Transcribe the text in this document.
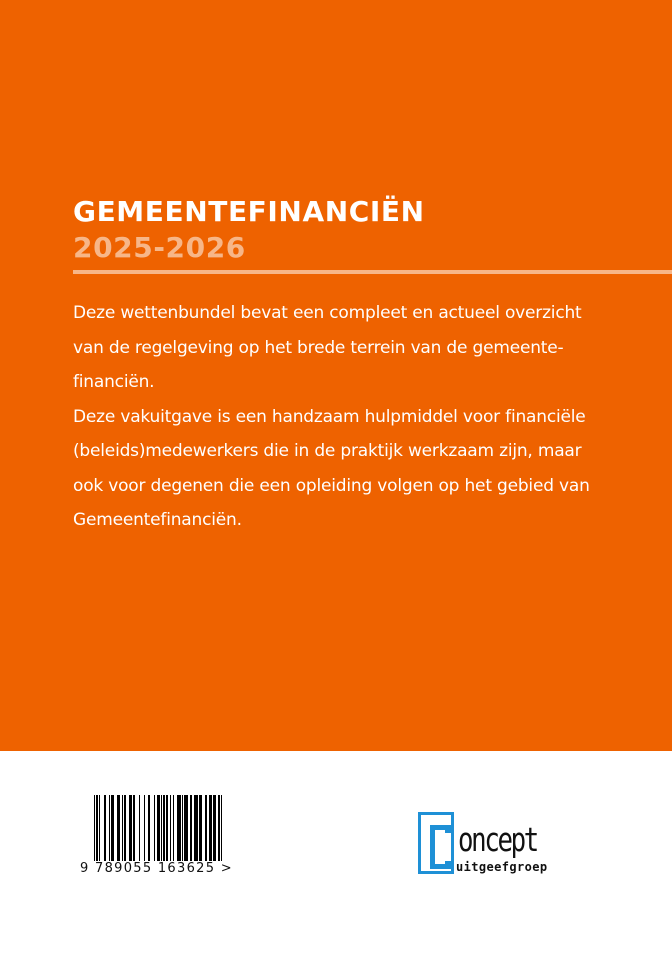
GEMEENTEFINANCIËN
2025-2026

Deze wettenbundel bevat een compleet en actueel overzicht

van de regelgeving op het brede terrein van de gemeente-

financiën.

Deze vakuitgave is een handzaam hulpmiddel voor financiële

(beleids)medewerkers die in de praktijk werkzaam zijn, maar

ook voor degenen die een opleiding volgen op het gebied van

Gemeentefinanciën.

9 789055 163625 >
oncept
uitgeefgroep
